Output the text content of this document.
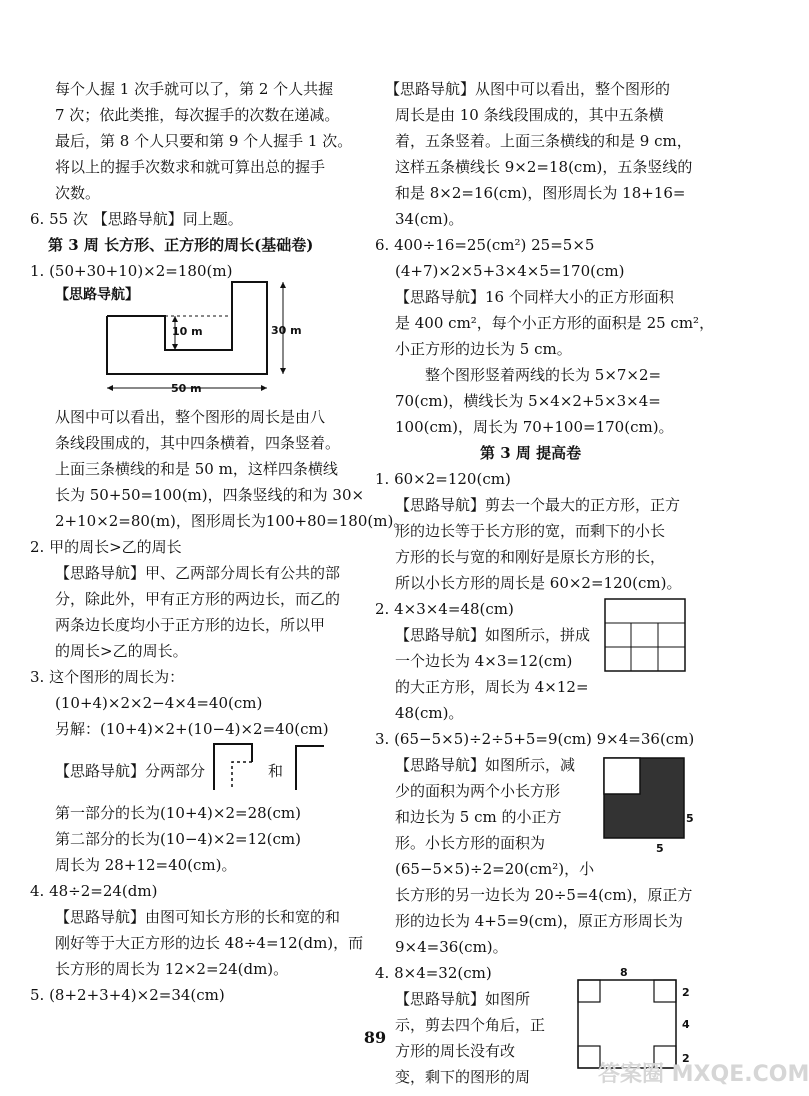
每个人握 1 次手就可以了，第 2 个人共握
7 次；依此类推，每次握手的次数在递减。
最后，第 8 个人只要和第 9 个人握手 1 次。
将以上的握手次数求和就可算出总的握手
次数。
6. 55 次 【思路导航】同上题。
第 3 周 长方形、正方形的周长(基础卷)
1. (50+30+10)×2=180(m)
【思路导航】
10 m	30 m
50 m
从图中可以看出，整个图形的周长是由八
条线段围成的，其中四条横着，四条竖着。
上面三条横线的和是 50 m，这样四条横线
长为 50+50=100(m)，四条竖线的和为 30×
2+10×2=80(m)，图形周长为100+80=180(m)。
2. 甲的周长>乙的周长
【思路导航】甲、乙两部分周长有公共的部
分，除此外，甲有正方形的两边长，而乙的
两条边长度均小于正方形的边长，所以甲
的周长>乙的周长。
3. 这个图形的周长为：
(10+4)×2×2−4×4=40(cm)
另解：(10+4)×2+(10−4)×2=40(cm)
【思路导航】分两部分	和
第一部分的长为(10+4)×2=28(cm)
第二部分的长为(10−4)×2=12(cm)
周长为 28+12=40(cm)。
4. 48÷2=24(dm)
【思路导航】由图可知长方形的长和宽的和
刚好等于大正方形的边长 48÷4=12(dm)，而
长方形的周长为 12×2=24(dm)。
5. (8+2+3+4)×2=34(cm)
【思路导航】从图中可以看出，整个图形的
周长是由 10 条线段围成的，其中五条横
着，五条竖着。上面三条横线的和是 9 cm，
这样五条横线长 9×2=18(cm)，五条竖线的
和是 8×2=16(cm)，图形周长为 18+16=
34(cm)。
6. 400÷16=25(cm²) 25=5×5
(4+7)×2×5+3×4×5=170(cm)
【思路导航】16 个同样大小的正方形面积
是 400 cm²，每个小正方形的面积是 25 cm²，
小正方形的边长为 5 cm。
整个图形竖着两线的长为 5×7×2=
70(cm)，横线长为 5×4×2+5×3×4=
100(cm)，周长为 70+100=170(cm)。
第 3 周 提高卷
1. 60×2=120(cm)
【思路导航】剪去一个最大的正方形，正方
形的边长等于长方形的宽，而剩下的小长
方形的长与宽的和刚好是原长方形的长，
所以小长方形的周长是 60×2=120(cm)。
2. 4×3×4=48(cm)
【思路导航】如图所示，拼成
一个边长为 4×3=12(cm)
的大正方形，周长为 4×12=
48(cm)。
3. (65−5×5)÷2÷5+5=9(cm) 9×4=36(cm)
【思路导航】如图所示，减
少的面积为两个小长方形
和边长为 5 cm 的小正方
形。小长方形的面积为
(65−5×5)÷2=20(cm²)，小
长方形的另一边长为 20÷5=4(cm)，原正方
形的边长为 4+5=9(cm)，原正方形周长为
9×4=36(cm)。
5
5
4. 8×4=32(cm)
【思路导航】如图所
示，剪去四个角后，正
方形的周长没有改
变，剩下的图形的周
8
2
4
2
89
答案圈 MXQE.COM
